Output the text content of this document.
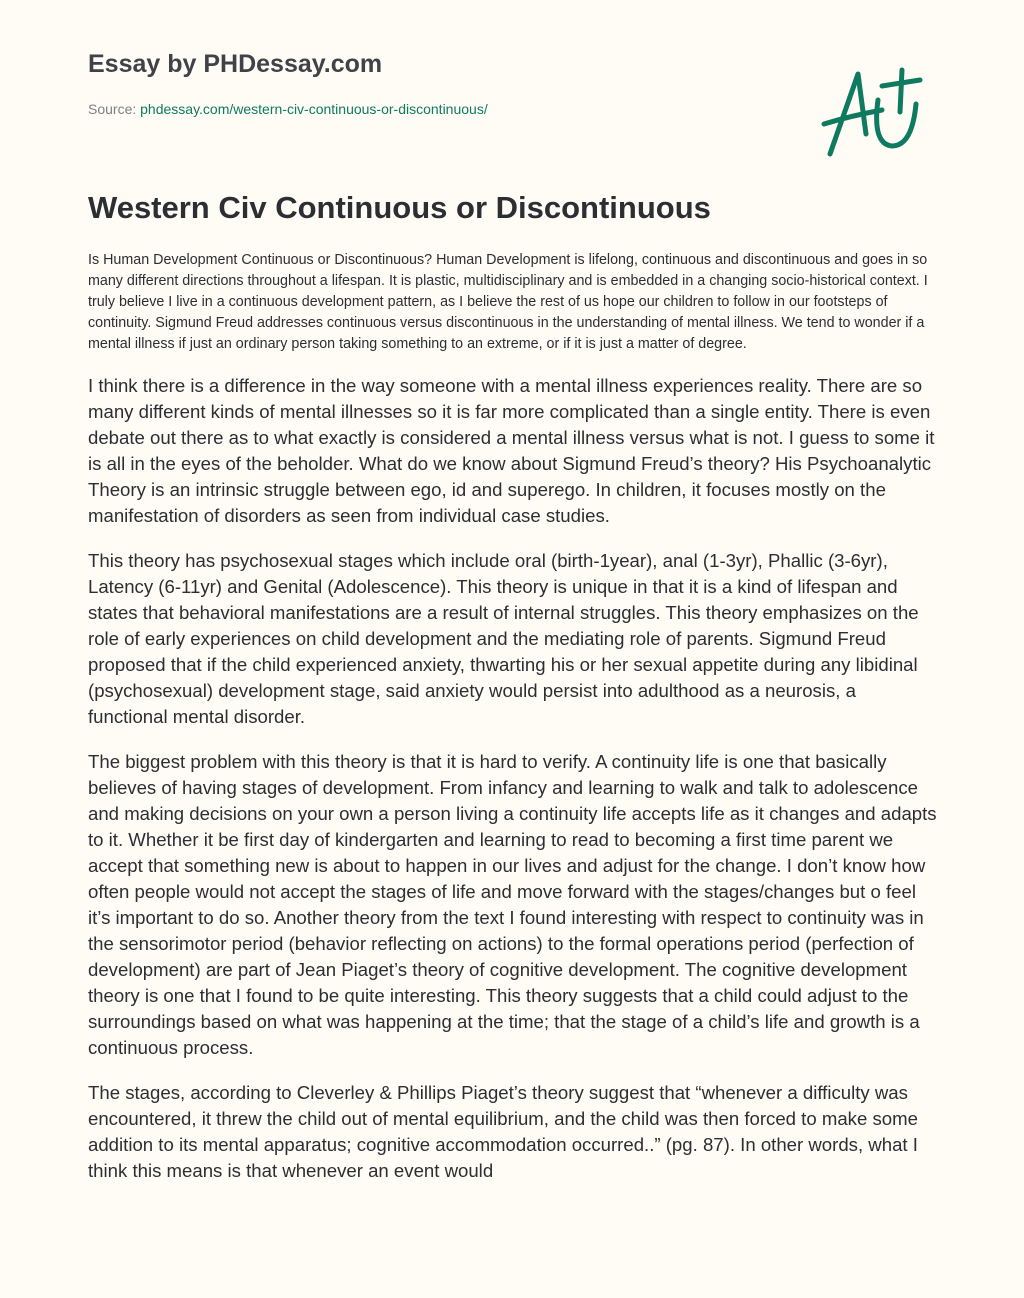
Essay by PHDessay.com
Source: phdessay.com/western-civ-continuous-or-discontinuous/
Western Civ Continuous or Discontinuous

Is Human Development Continuous or Discontinuous? Human Development is lifelong, continuous and discontinuous and goes in so many different directions throughout a lifespan. It is plastic, multidisciplinary and is embedded in a changing socio-historical context. I truly believe I live in a continuous development pattern, as I believe the rest of us hope our children to follow in our footsteps of continuity. Sigmund Freud addresses continuous versus discontinuous in the understanding of mental illness. We tend to wonder if a mental illness if just an ordinary person taking something to an extreme, or if it is just a matter of degree.

I think there is a difference in the way someone with a mental illness experiences reality. There are so many different kinds of mental illnesses so it is far more complicated than a single entity. There is even debate out there as to what exactly is considered a mental illness versus what is not. I guess to some it is all in the eyes of the beholder. What do we know about Sigmund Freud’s theory? His Psychoanalytic Theory is an intrinsic struggle between ego, id and superego. In children, it focuses mostly on the manifestation of disorders as seen from individual case studies.

This theory has psychosexual stages which include oral (birth-1year), anal (1-3yr), Phallic (3-6yr), Latency (6-11yr) and Genital (Adolescence). This theory is unique in that it is a kind of lifespan and states that behavioral manifestations are a result of internal struggles. This theory emphasizes on the role of early experiences on child development and the mediating role of parents. Sigmund Freud proposed that if the child experienced anxiety, thwarting his or her sexual appetite during any libidinal (psychosexual) development stage, said anxiety would persist into adulthood as a neurosis, a functional mental disorder.

The biggest problem with this theory is that it is hard to verify. A continuity life is one that basically believes of having stages of development. From infancy and learning to walk and talk to adolescence and making decisions on your own a person living a continuity life accepts life as it changes and adapts to it. Whether it be first day of kindergarten and learning to read to becoming a first time parent we accept that something new is about to happen in our lives and adjust for the change. I don’t know how often people would not accept the stages of life and move forward with the stages/changes but o feel it’s important to do so. Another theory from the text I found interesting with respect to continuity was in the sensorimotor period (behavior reflecting on actions) to the formal operations period (perfection of development) are part of Jean Piaget’s theory of cognitive development. The cognitive development theory is one that I found to be quite interesting. This theory suggests that a child could adjust to the surroundings based on what was happening at the time; that the stage of a child’s life and growth is a continuous process.

The stages, according to Cleverley & Phillips Piaget’s theory suggest that “whenever a difficulty was encountered, it threw the child out of mental equilibrium, and the child was then forced to make some addition to its mental apparatus; cognitive accommodation occurred..” (pg. 87). In other words, what I think this means is that whenever an event would
